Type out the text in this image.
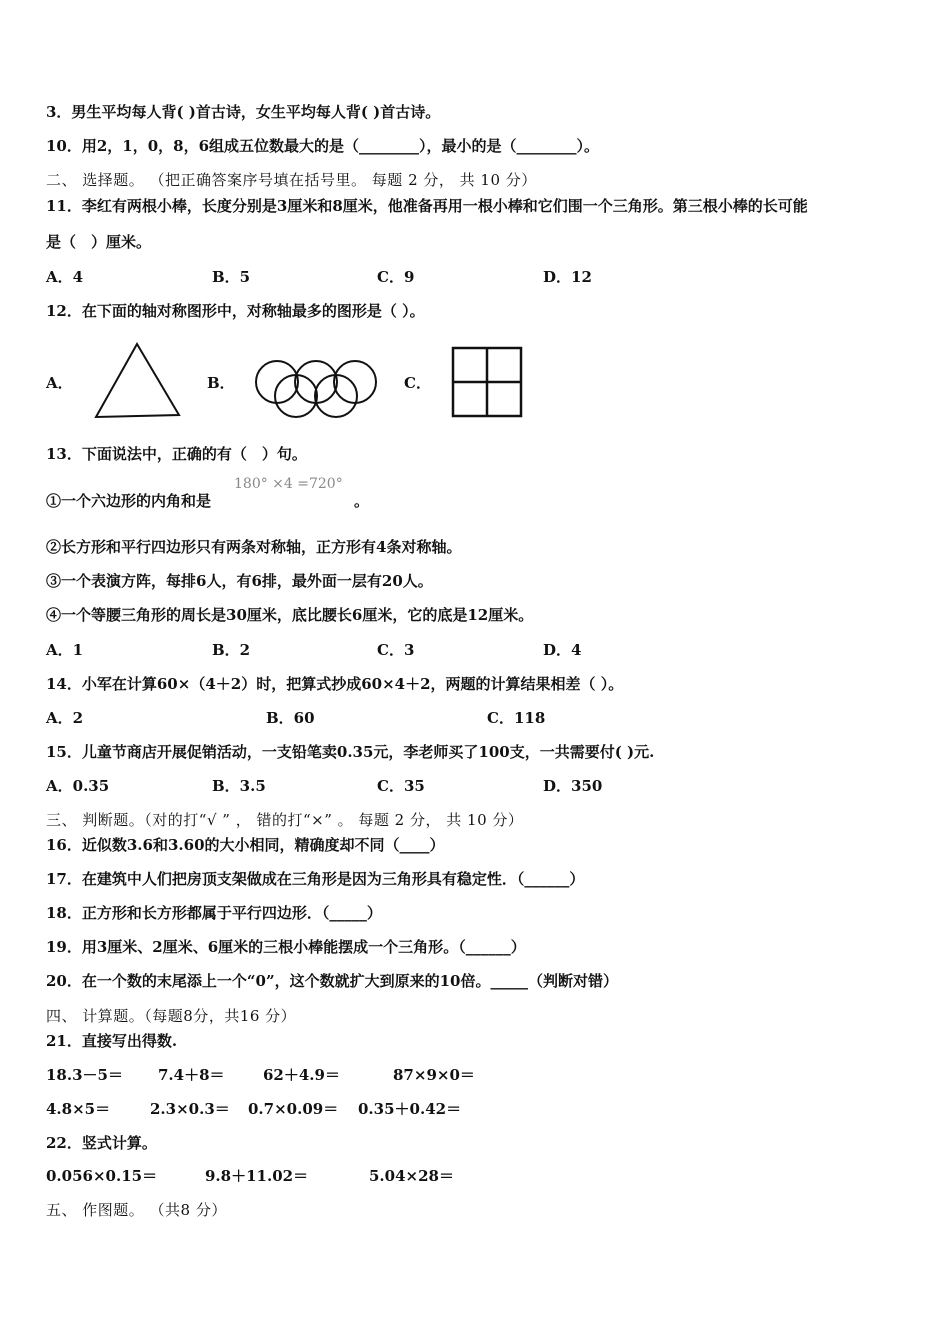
3．男生平均每人背( )首古诗，女生平均每人背( )首古诗。
10．用2，1，0，8，6组成五位数最大的是（________），最小的是（________）。
二、 选择题。 （把正确答案序号填在括号里。 每题 2 分， 共 10 分）
11．李红有两根小棒，长度分别是3厘米和8厘米，他准备再用一根小棒和它们围一个三角形。第三根小棒的长可能
是（　）厘米。
A．4	B．5	C．9	D．12
12．在下面的轴对称图形中，对称轴最多的图形是（ ）。
A．	B．	C．
13．下面说法中，正确的有（　）句。
①一个六边形的内角和是
180° ×4 =720°
。
②长方形和平行四边形只有两条对称轴，正方形有4条对称轴。
③一个表演方阵，每排6人，有6排，最外面一层有20人。
④一个等腰三角形的周长是30厘米，底比腰长6厘米，它的底是12厘米。
A．1	B．2	C．3	D．4
14．小军在计算60×（4＋2）时，把算式抄成60×4＋2，两题的计算结果相差（ ）。
A．2	B．60	C．118
15．儿童节商店开展促销活动，一支铅笔卖0.35元，李老师买了100支，一共需要付( )元.
A．0.35	B．3.5	C．35	D．350
三、 判断题。（对的打“√ ” ， 错的打“×” 。 每题 2 分， 共 10 分）
16．近似数3.6和3.60的大小相同，精确度却不同（____）
17．在建筑中人们把房顶支架做成在三角形是因为三角形具有稳定性．（______）
18．正方形和长方形都属于平行四边形．（_____）
19．用3厘米、2厘米、6厘米的三根小棒能摆成一个三角形。（______）
20．在一个数的末尾添上一个“0”，这个数就扩大到原来的10倍。_____（判断对错）
四、 计算题。（每题8分，共16 分）
21．直接写出得数.
18.3－5＝ 7.4＋8＝	62＋4.9＝	87×9×0＝
4.8×5＝	2.3×0.3＝ 0.7×0.09＝ 0.35＋0.42＝
22．竖式计算。
0.056×0.15＝	9.8＋11.02＝	5.04×28＝
五、 作图题。 （共8 分）
